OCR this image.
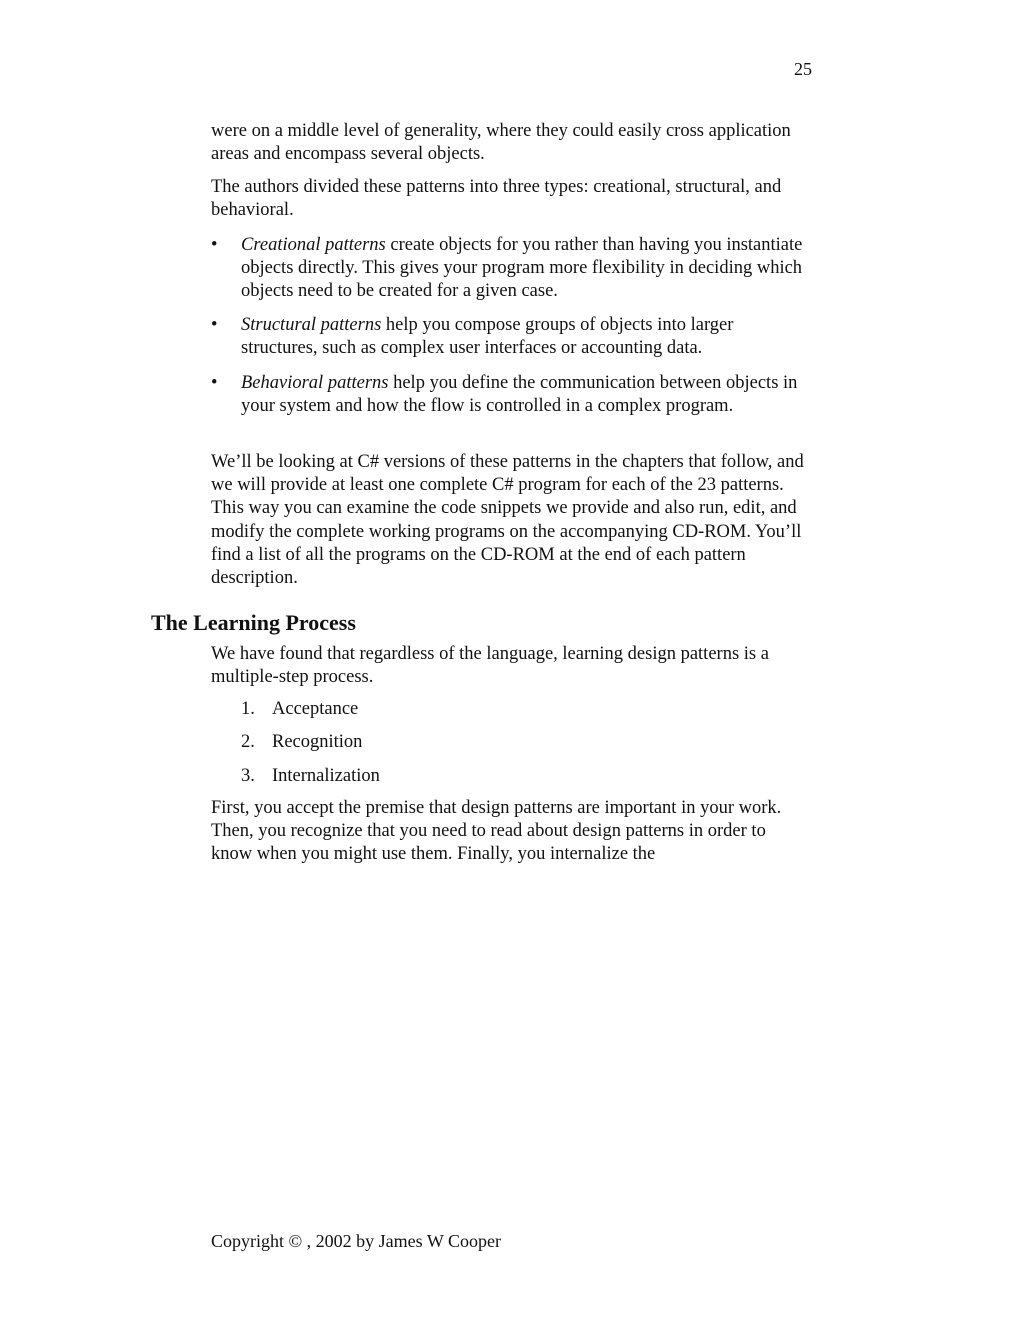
25

were on a middle level of generality, where they could easily cross application areas and encompass several objects.

The authors divided these patterns into three types: creational, structural, and behavioral.

•	Creational patterns create objects for you rather than having you instantiate objects directly. This gives your program more flexibility in deciding which objects need to be created for a given case.
•	Structural patterns help you compose groups of objects into larger structures, such as complex user interfaces or accounting data.
•	Behavioral patterns help you define the communication between objects in your system and how the flow is controlled in a complex program.

We’ll be looking at C# versions of these patterns in the chapters that follow, and we will provide at least one complete C# program for each of the 23 patterns. This way you can examine the code snippets we provide and also run, edit, and modify the complete working programs on the accompanying CD-ROM. You’ll find a list of all the programs on the CD-ROM at the end of each pattern description.

The Learning Process

We have found that regardless of the language, learning design patterns is a multiple-step process.

1. Acceptance
2. Recognition
3. Internalization

First, you accept the premise that design patterns are important in your work. Then, you recognize that you need to read about design patterns in order to know when you might use them. Finally, you internalize the

Copyright © , 2002 by James W Cooper
